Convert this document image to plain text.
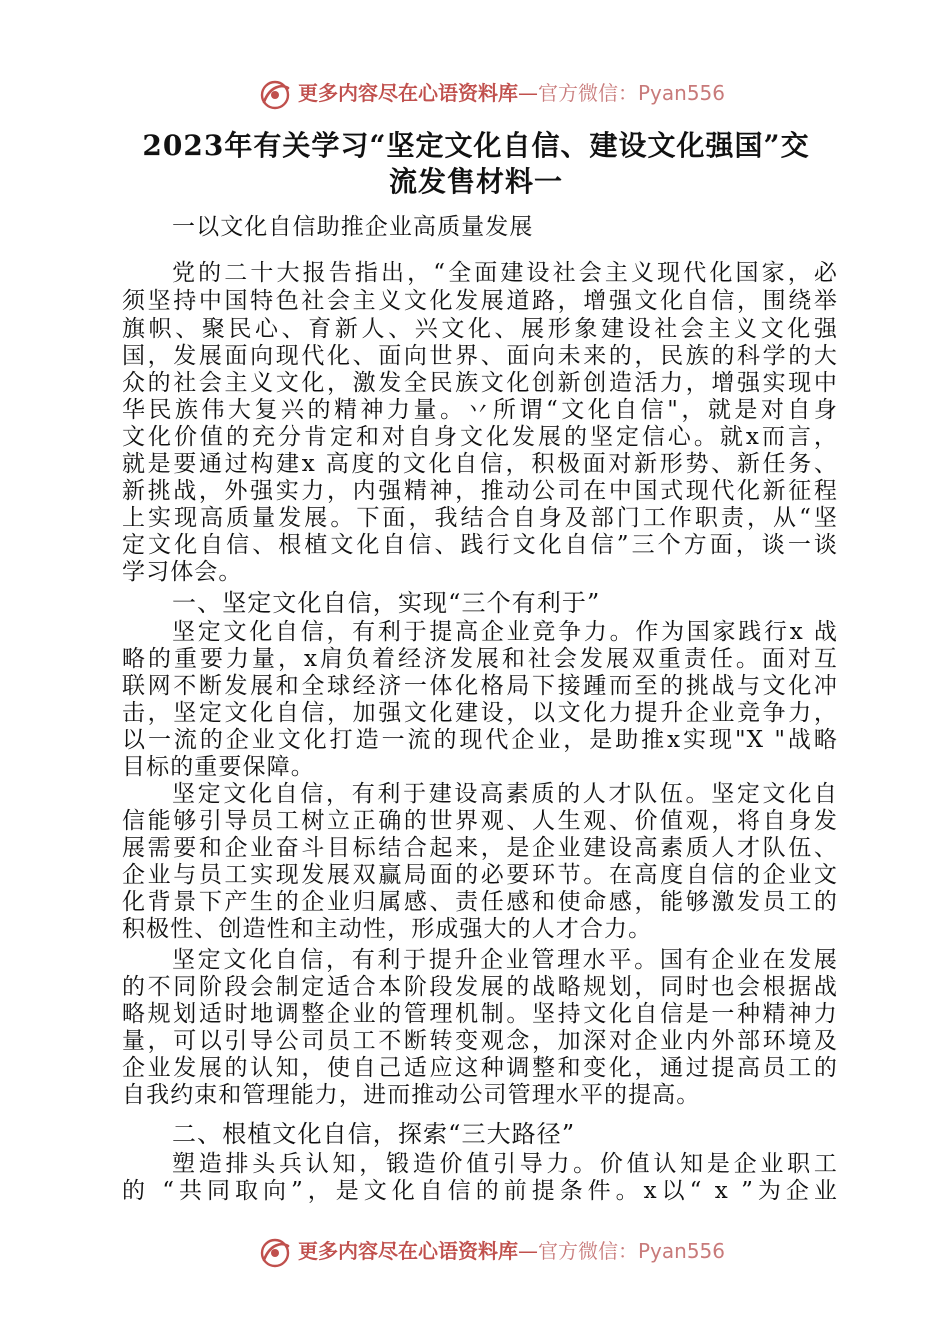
更多内容尽在心语资料库—官方微信：Pyan556
2023年有关学习“坚定文化自信、建设文化强国”交
流发售材料一
一以文化自信助推企业高质量发展
党的二十大报告指出，“全面建设社会主义现代化国家，必
须坚持中国特色社会主义文化发展道路，增强文化自信，围绕举
旗帜、聚民心、育新人、兴文化、展形象建设社会主义文化强
国，发展面向现代化、面向世界、面向未来的，民族的科学的大
众的社会主义文化，激发全民族文化创新创造活力，增强实现中
华民族伟大复兴的精神力量。丷所谓“文化自信"，就是对自身
文化价值的充分肯定和对自身文化发展的坚定信心。就x而言，
就是要通过构建x 高度的文化自信，积极面对新形势、新任务、
新挑战，外强实力，内强精神，推动公司在中国式现代化新征程
上实现高质量发展。下面，我结合自身及部门工作职责，从“坚
定文化自信、根植文化自信、践行文化自信”三个方面，谈一谈
学习体会。
一、坚定文化自信，实现“三个有利于”
坚定文化自信，有利于提高企业竞争力。作为国家践行x 战
略的重要力量，x肩负着经济发展和社会发展双重责任。面对互
联网不断发展和全球经济一体化格局下接踵而至的挑战与文化冲
击，坚定文化自信，加强文化建设，以文化力提升企业竞争力，
以一流的企业文化打造一流的现代企业，是助推x实现"X "战略
目标的重要保障。
坚定文化自信，有利于建设高素质的人才队伍。坚定文化自
信能够引导员工树立正确的世界观、人生观、价值观，将自身发
展需要和企业奋斗目标结合起来，是企业建设高素质人才队伍、
企业与员工实现发展双赢局面的必要环节。在高度自信的企业文
化背景下产生的企业归属感、责任感和使命感，能够激发员工的
积极性、创造性和主动性，形成强大的人才合力。
坚定文化自信，有利于提升企业管理水平。国有企业在发展
的不同阶段会制定适合本阶段发展的战略规划，同时也会根据战
略规划适时地调整企业的管理机制。坚持文化自信是一种精神力
量，可以引导公司员工不断转变观念，加深对企业内外部环境及
企业发展的认知，使自己适应这种调整和变化，通过提高员工的
自我约束和管理能力，进而推动公司管理水平的提高。
二、根植文化自信，探索“三大路径”
塑造排头兵认知，锻造价值引导力。价值认知是企业职工
的 “共同取向”，是文化自信的前提条件。x以“ x ”为企业
更多内容尽在心语资料库—官方微信：Pyan556
